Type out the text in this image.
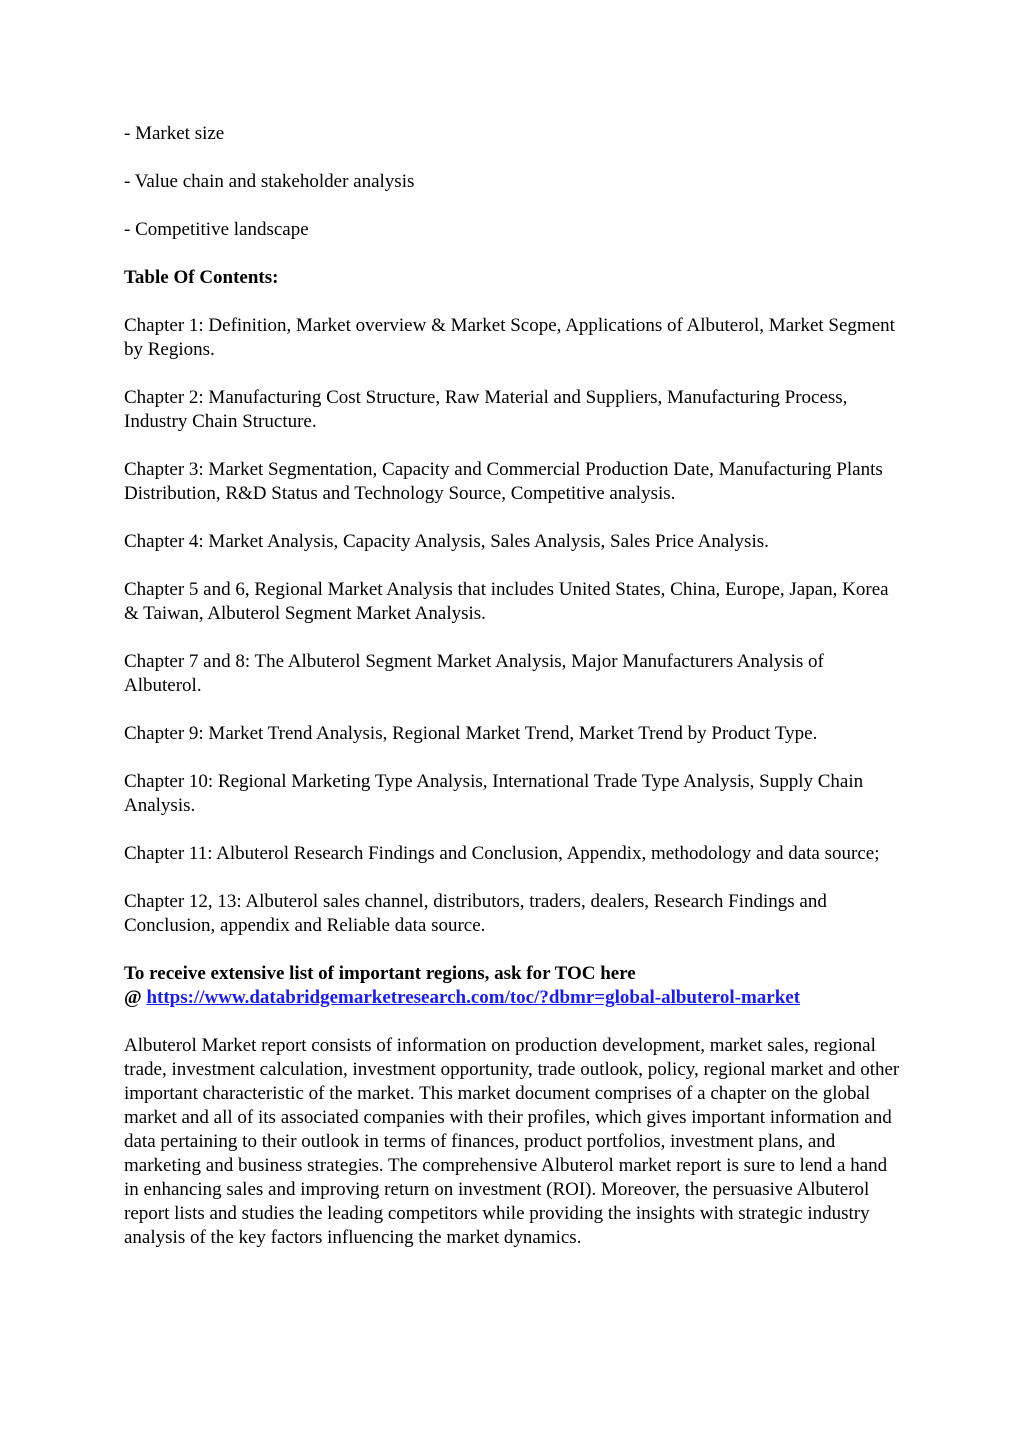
- Market size

- Value chain and stakeholder analysis

- Competitive landscape

Table Of Contents:

Chapter 1: Definition, Market overview & Market Scope, Applications of Albuterol, Market Segment by Regions.

Chapter 2: Manufacturing Cost Structure, Raw Material and Suppliers, Manufacturing Process, Industry Chain Structure.

Chapter 3: Market Segmentation, Capacity and Commercial Production Date, Manufacturing Plants Distribution, R&D Status and Technology Source, Competitive analysis.

Chapter 4: Market Analysis, Capacity Analysis, Sales Analysis, Sales Price Analysis.

Chapter 5 and 6, Regional Market Analysis that includes United States, China, Europe, Japan, Korea & Taiwan, Albuterol Segment Market Analysis.

Chapter 7 and 8: The Albuterol Segment Market Analysis, Major Manufacturers Analysis of Albuterol.

Chapter 9: Market Trend Analysis, Regional Market Trend, Market Trend by Product Type.

Chapter 10: Regional Marketing Type Analysis, International Trade Type Analysis, Supply Chain Analysis.

Chapter 11: Albuterol Research Findings and Conclusion, Appendix, methodology and data source;

Chapter 12, 13: Albuterol sales channel, distributors, traders, dealers, Research Findings and Conclusion, appendix and Reliable data source.

To receive extensive list of important regions, ask for TOC here
@ https://www.databridgemarketresearch.com/toc/?dbmr=global-albuterol-market

Albuterol Market report consists of information on production development, market sales, regional trade, investment calculation, investment opportunity, trade outlook, policy, regional market and other important characteristic of the market. This market document comprises of a chapter on the global market and all of its associated companies with their profiles, which gives important information and data pertaining to their outlook in terms of finances, product portfolios, investment plans, and marketing and business strategies. The comprehensive Albuterol market report is sure to lend a hand in enhancing sales and improving return on investment (ROI). Moreover, the persuasive Albuterol report lists and studies the leading competitors while providing the insights with strategic industry analysis of the key factors influencing the market dynamics.
